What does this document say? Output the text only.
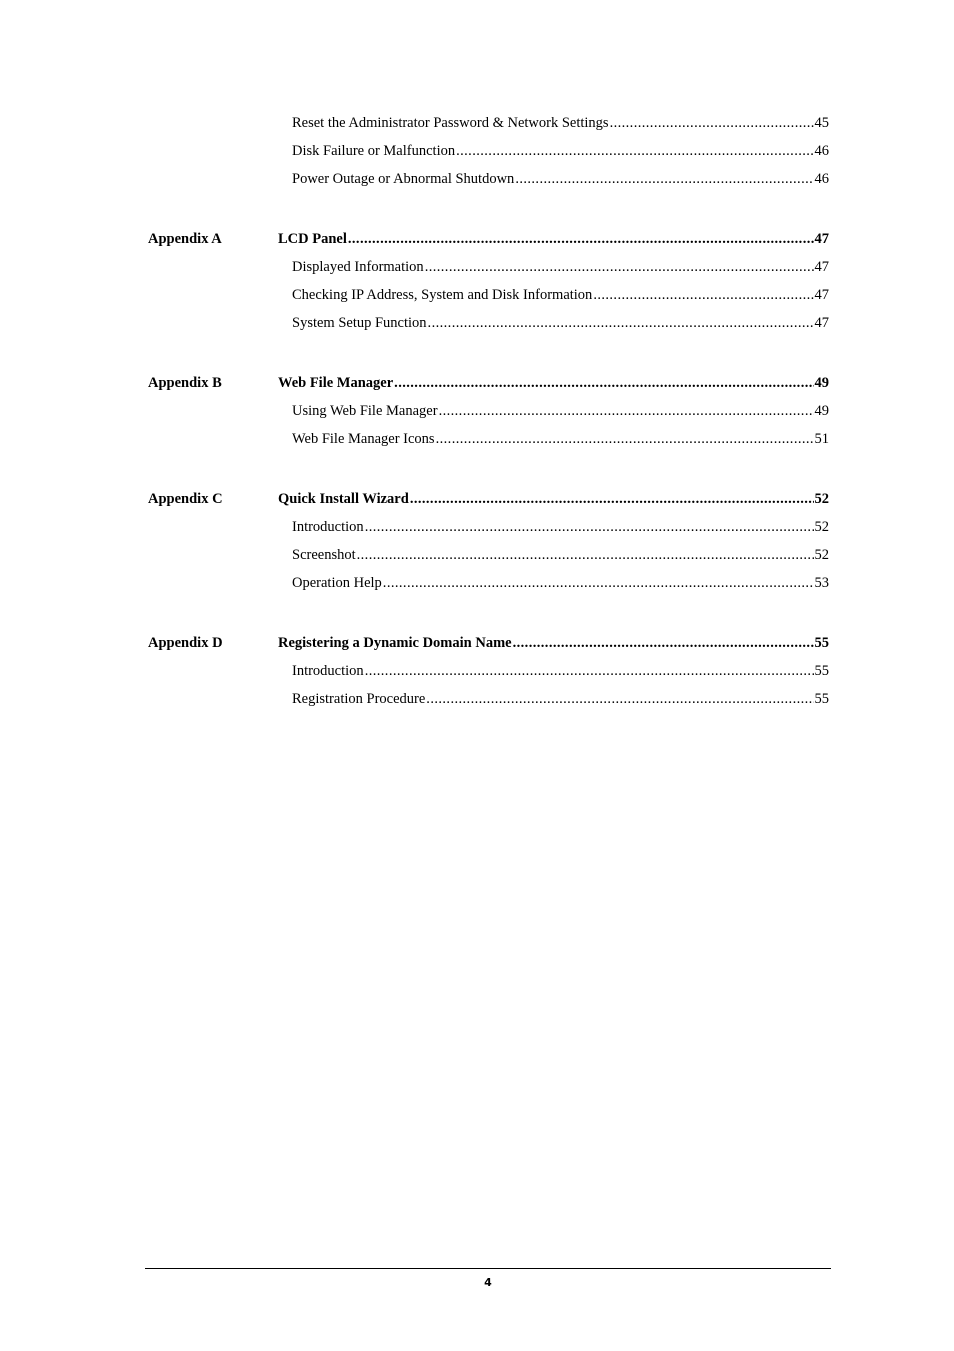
Reset the Administrator Password & Network Settings .....	45
Disk Failure or Malfunction .....	46
Power Outage or Abnormal Shutdown .....	46
Appendix A	LCD Panel .....	47
Displayed Information .....	47
Checking IP Address, System and Disk Information .....	47
System Setup Function .....	47
Appendix B	Web File Manager .....	49
Using Web File Manager .....	49
Web File Manager Icons .....	51
Appendix C	Quick Install Wizard .....	52
Introduction .....	52
Screenshot .....	52
Operation Help .....	53
Appendix D	Registering a Dynamic Domain Name .....	55
Introduction .....	55
Registration Procedure .....	55
4
